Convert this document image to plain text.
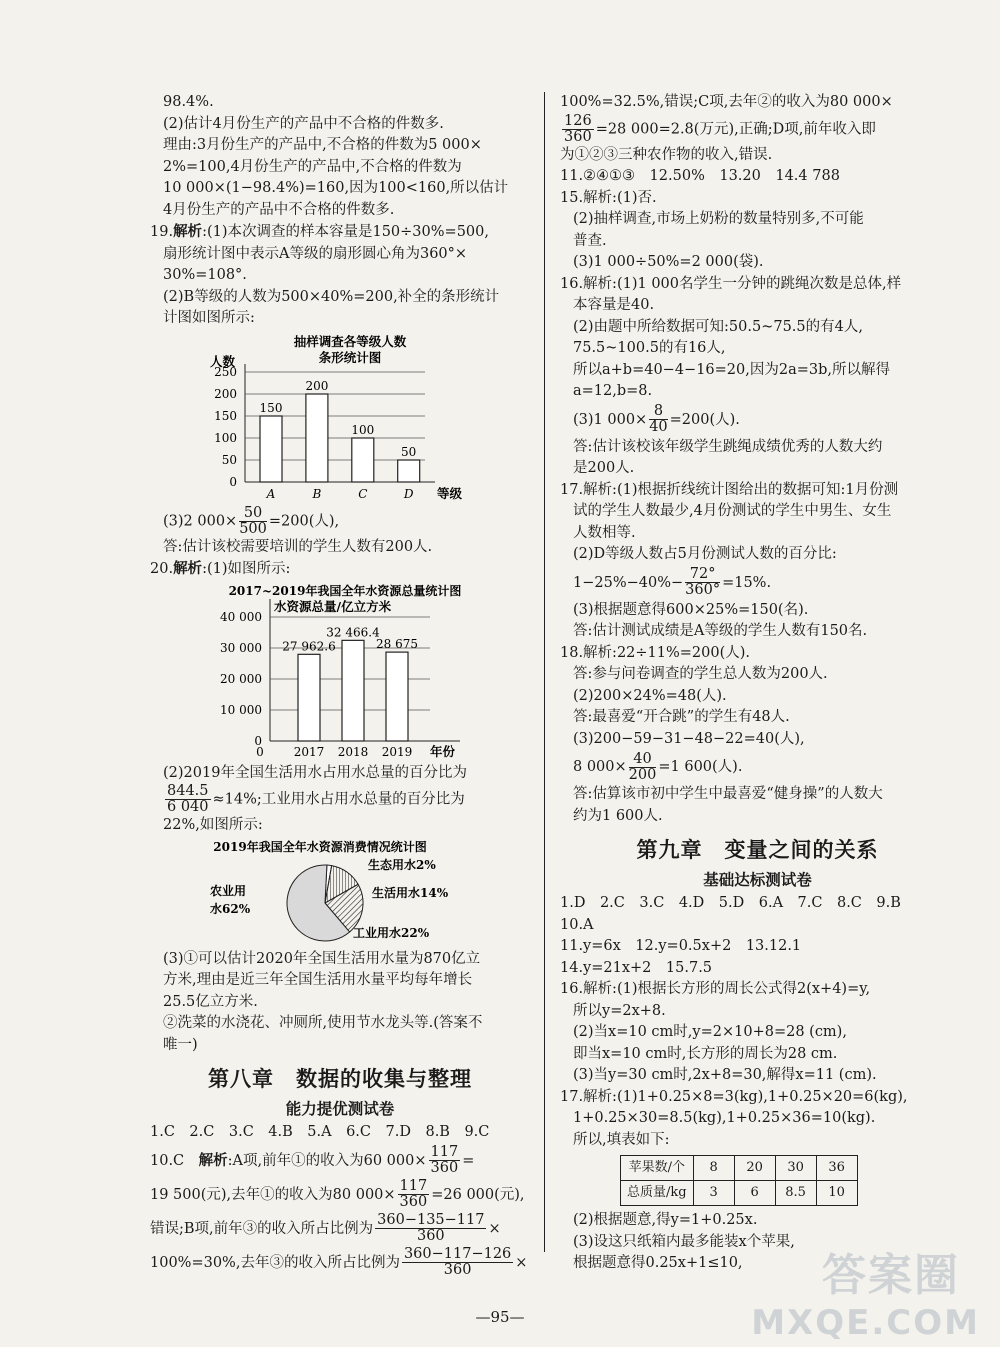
98.4%.

(2)估计4月份生产的产品中不合格的件数多.

理由:3月份生产的产品中,不合格的件数为5 000×

2%=100,4月份生产的产品中,不合格的件数为

10 000×(1−98.4%)=160,因为100<160,所以估计

4月份生产的产品中不合格的件数多.

19.解析:(1)本次调查的样本容量是150÷30%=500,

扇形统计图中表示A等级的扇形圆心角为360°×

30%=108°.

(2)B等级的人数为500×40%=200,补全的条形统计

计图如图所示:

抽样调查各等级人数
条形统计图
人数
0
50
100
150
200
250
150
A
200
B
100
C
50
D 等级

(3)2 $000\times \frac{50}{500} =200$(人),

答:估计该校需要培训的学生人数有200人.

20.解析:(1)如图所示:

2017~2019年我国全年水资源总量统计图
水资源总量/亿立方米
0
10 000
20 000
30 000
40 000
27 962.6
2017
32 466.4
2018
28 675
2019
0	年份

(2)2019年全国生活用水占用水总量的百分比为

$\frac{844.5}{6 040} \approx 14\%$;工业用水占用水总量的百分比为

22%,如图所示:

2019年我国全年水资源消费情况统计图
农业用
水62%
生态用水2%
生活用水14%
工业用水22%

(3)①可以估计2020年全国生活用水量为870亿立

方米,理由是近三年全国生活用水量平均每年增长

25.5亿立方米.

②洗菜的水浇花、冲厕所,使用节水龙头等.(答案不

唯一)

第八章　数据的收集与整理

能力提优测试卷

1.C　2.C　3.C　4.B　5.A　6.C　7.D　8.B　9.C

10.C　解析:A项,前年①的收入为60 $000\times \frac{117}{360}$ =

19 500(元),去年①的收入为80 $000\times \frac{117}{360} =26$ 000(元),

错误;B项,前年③的收入所占比例为 $\frac{360-135-117}{360}$ ×

100%=30%,去年③的收入所占比例为 $\frac{360-117-126}{360}$ ×

100%=32.5%,错误;C项,去年②的收入为80 000×

$\frac{126}{360} =28$ 000=2.8(万元),正确;D项,前年收入即

为①②③三种农作物的收入,错误.

11.②④①③　12.50%　13.20　14.4 788

15.解析:(1)否.

(2)抽样调查,市场上奶粉的数量特别多,不可能

普查.

(3)1 000÷50%=2 000(袋).

16.解析:(1)1 000名学生一分钟的跳绳次数是总体,样

本容量是40.

(2)由题中所给数据可知:50.5~75.5的有4人,

75.5~100.5的有16人,

所以a+b=40−4−16=20,因为2a=3b,所以解得

a=12,b=8.

(3)1 $000\times \frac{8}{40} =200$(人).

答:估计该校该年级学生跳绳成绩优秀的人数大约

是200人.

17.解析:(1)根据折线统计图给出的数据可知:1月份测

试的学生人数最少,4月份测试的学生中男生、女生

人数相等.

(2)D等级人数占5月份测试人数的百分比:

$1-25\%-40\%- \frac{72^\circ}{360^\circ} =15\%$.

(3)根据题意得600×25%=150(名).

答:估计测试成绩是A等级的学生人数有150名.

18.解析:22÷11%=200(人).

答:参与问卷调查的学生总人数为200人.

(2)200×24%=48(人).

答:最喜爱“开合跳”的学生有48人.

(3)200−59−31−48−22=40(人),

8 $000\times \frac{40}{200} =1$ 600(人).

答:估算该市初中学生中最喜爱“健身操”的人数大

约为1 600人.

第九章　变量之间的关系

基础达标测试卷

1.D　2.C　3.C　4.D　5.D　6.A　7.C　8.C　9.B

10.A

11.y=6x　12.y=0.5x+2　13.12.1

14.y=21x+2　15.7.5

16.解析:(1)根据长方形的周长公式得2(x+4)=y,

所以y=2x+8.

(2)当x=10 cm时,y=2×10+8=28 (cm),

即当x=10 cm时,长方形的周长为28 cm.

(3)当y=30 cm时,2x+8=30,解得x=11 (cm).

17.解析:(1)1+0.25×8=3(kg),1+0.25×20=6(kg),

1+0.25×30=8.5(kg),1+0.25×36=10(kg).

所以,填表如下:

苹果数/个	8	20	30	36
总质量/kg	3	6	8.5	10

(2)根据题意,得y=1+0.25x.

(3)设这只纸箱内最多能装x个苹果,

根据题意得0.25x+1≤10,

—95—
答案圈
MXQE.COM
